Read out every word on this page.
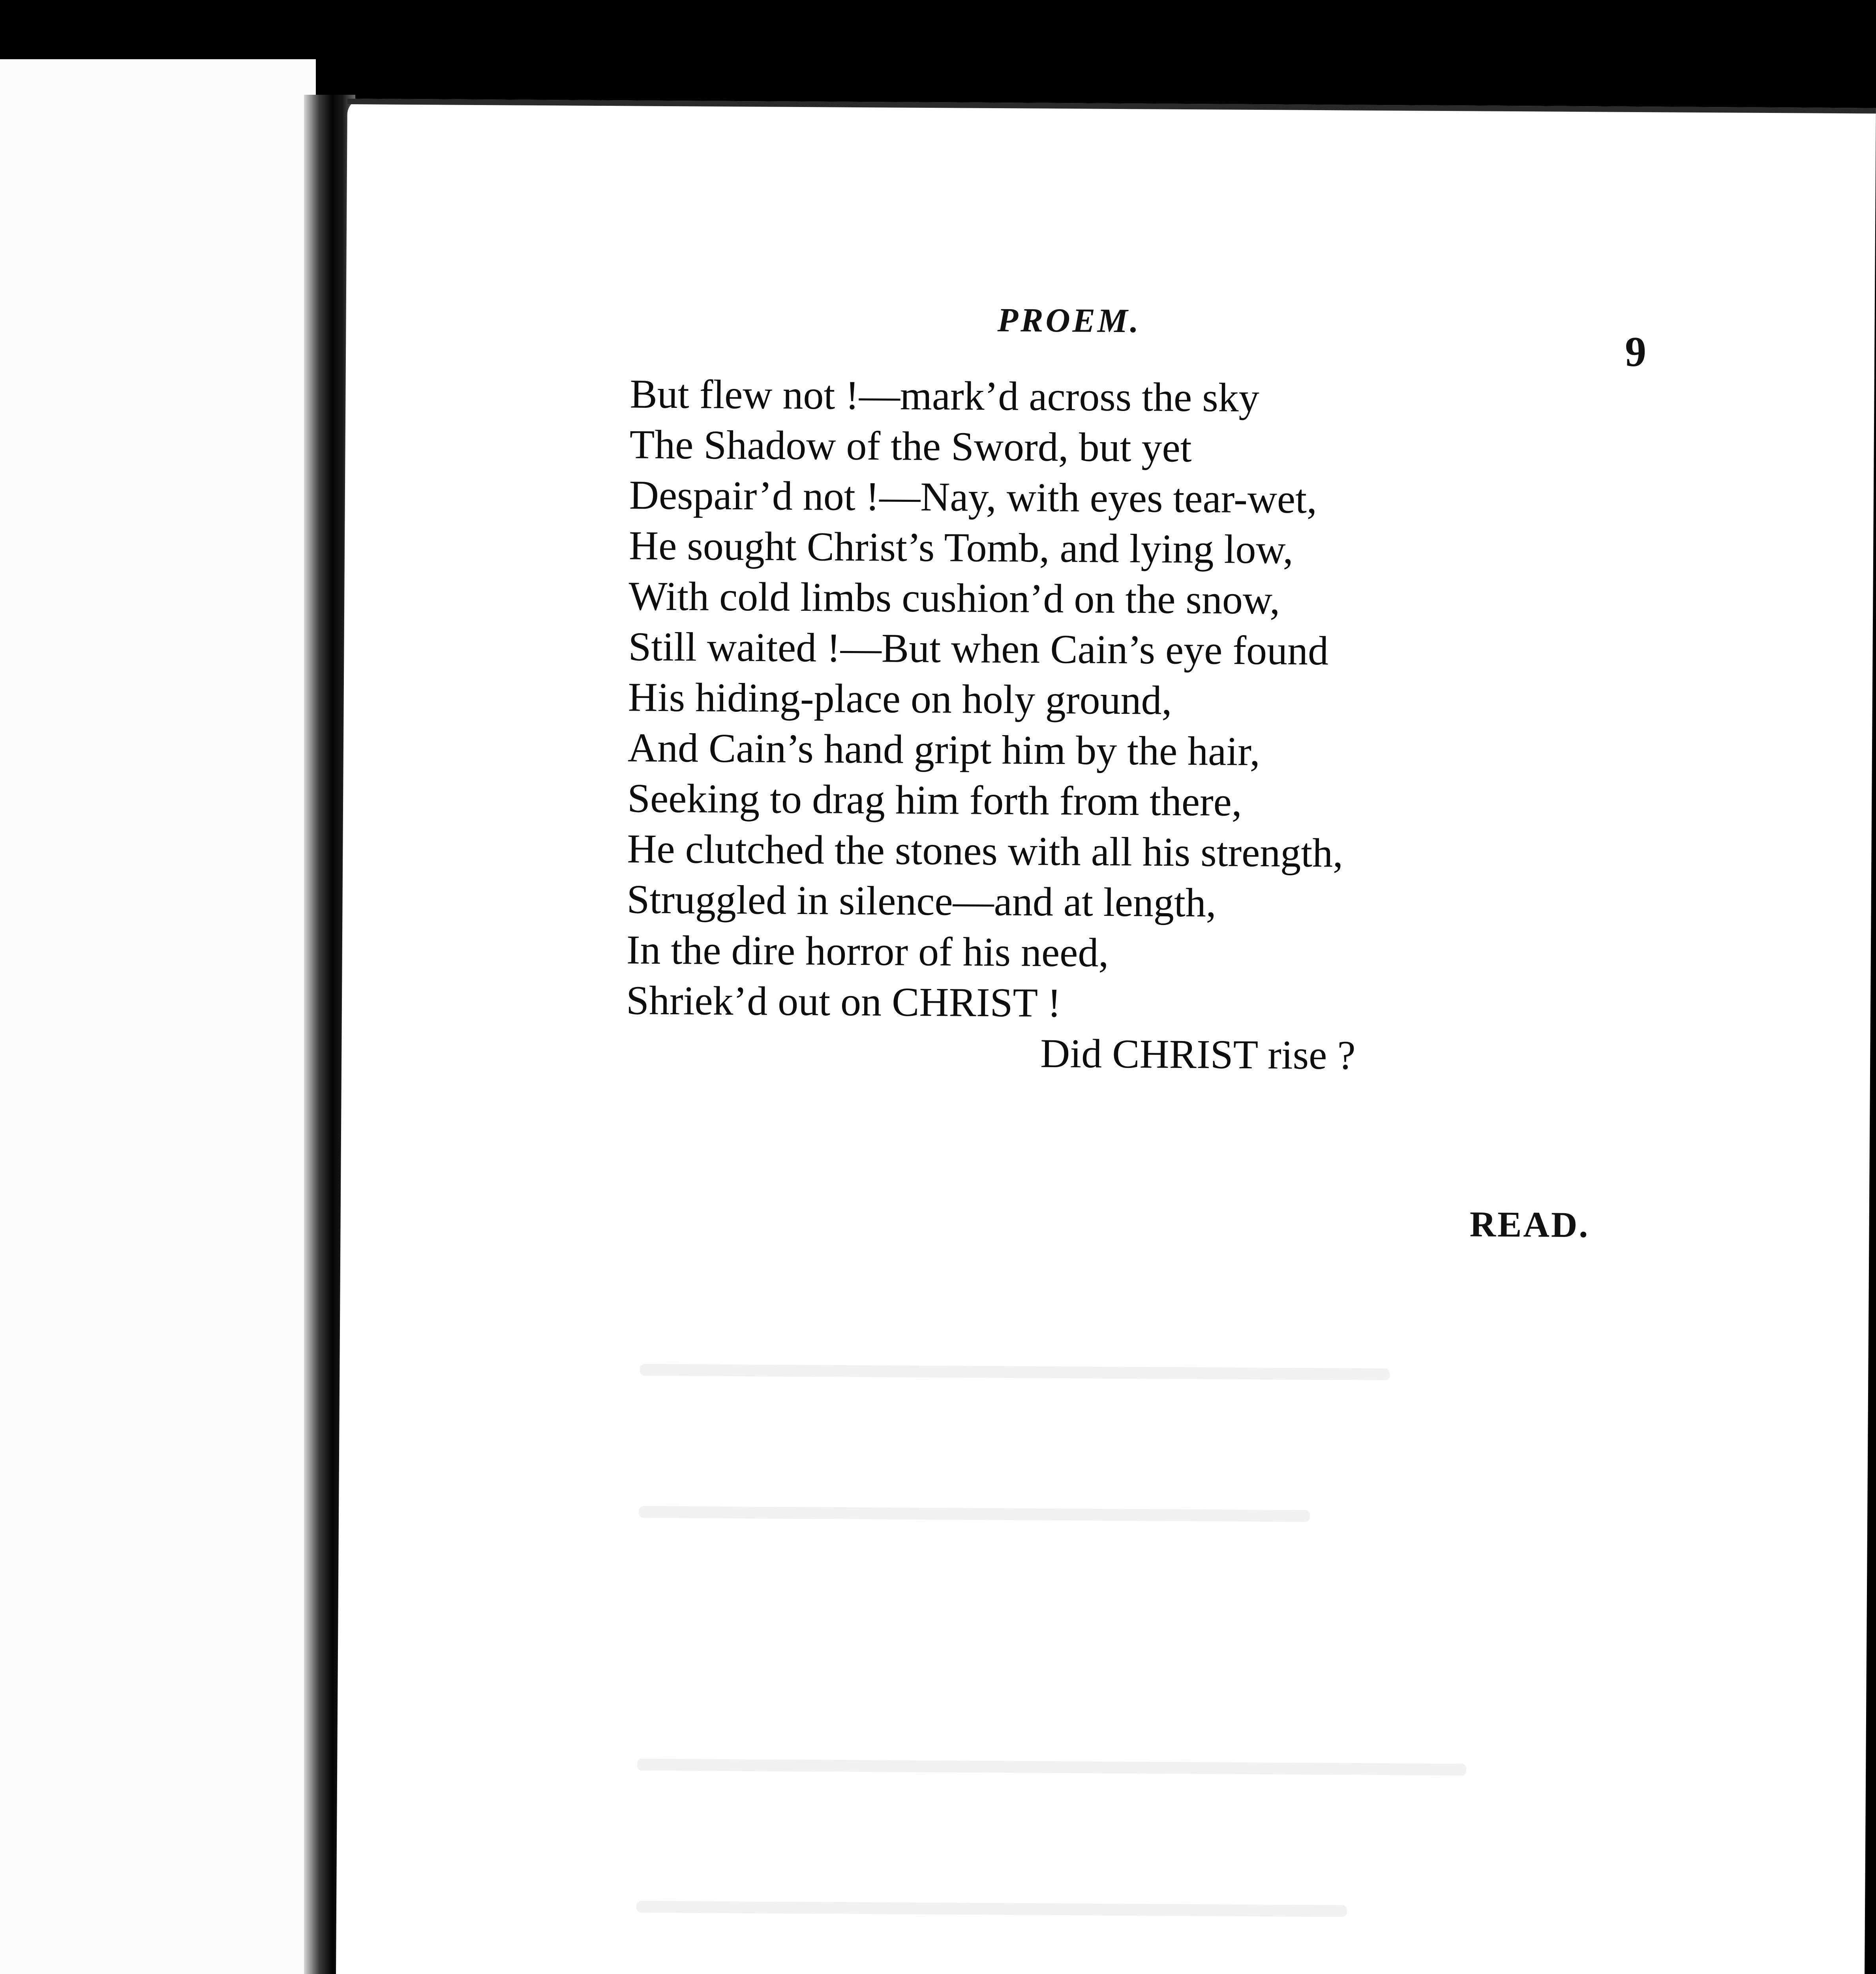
PROEM.
9
But flew not !—mark’d across the sky
The Shadow of the Sword, but yet
Despair’d not !—Nay, with eyes tear-wet,
He sought Christ’s Tomb, and lying low,
With cold limbs cushion’d on the snow,
Still waited !—But when Cain’s eye found
His hiding-place on holy ground,
And Cain’s hand gript him by the hair,
Seeking to drag him forth from there,
He clutched the stones with all his strength,
Struggled in silence—and at length,
In the dire horror of his need,
Shriek’d out on CHRIST !
Did CHRIST rise ?
READ.
